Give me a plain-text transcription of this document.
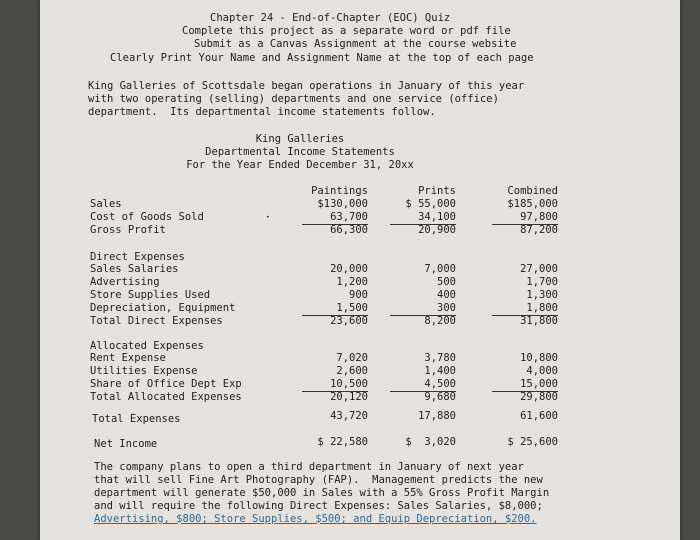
Chapter 24 - End-of-Chapter (EOC) Quiz
Complete this project as a separate word or pdf file
Submit as a Canvas Assignment at the course website
Clearly Print Your Name and Assignment Name at the top of each page
King Galleries of Scottsdale began operations in January of this year
with two operating (selling) departments and one service (office)
department.  Its departmental income statements follow.
King Galleries
Departmental Income Statements
For the Year Ended December 31, 20xx
Paintings	Prints	Combined
Sales	$130,000	$ 55,000	$185,000
Cost of Goods Sold	63,700	34,100	97,800
•
Gross Profit	66,300	20,900	87,200
Direct Expenses
Sales Salaries	20,000	7,000	27,000
Advertising	1,200	500	1,700
Store Supplies Used	900	400	1,300
Depreciation, Equipment	1,500	300	1,800
Total Direct Expenses	23,600	8,200	31,800
Allocated Expenses
Rent Expense	7,020	3,780	10,800
Utilities Expense	2,600	1,400	4,000
Share of Office Dept Exp	10,500	4,500	15,000
Total Allocated Expenses	20,120	9,680	29,800
Total Expenses	43,720	17,880	61,600
Net Income	$ 22,580	$  3,020	$ 25,600
The company plans to open a third department in January of next year
that will sell Fine Art Photography (FAP).  Management predicts the new
department will generate $50,000 in Sales with a 55% Gross Profit Margin
and will require the following Direct Expenses: Sales Salaries, $8,000;
Advertising, $800; Store Supplies, $500; and Equip Depreciation, $200.
